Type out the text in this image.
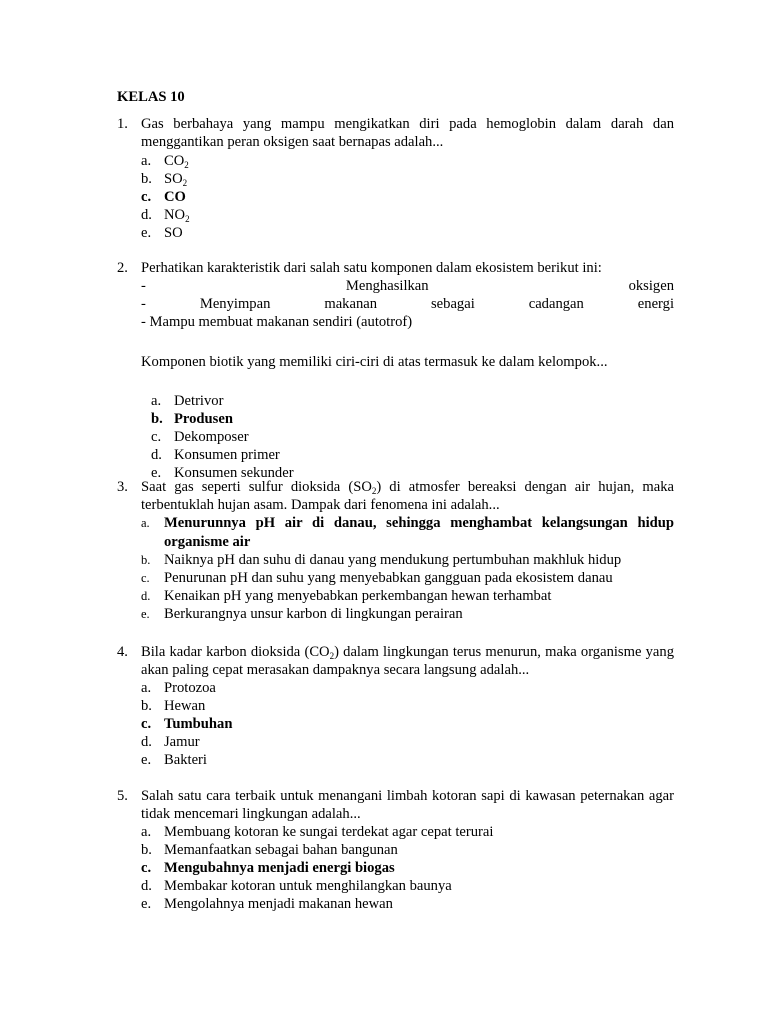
KELAS 10
1. Gas berbahaya yang mampu mengikatkan diri pada hemoglobin dalam darah dan menggantikan peran oksigen saat bernapas adalah...
a. $CO_2$
b. $SO_2$
c. CO
d. $NO_2$
e. SO
2. Perhatikan karakteristik dari salah satu komponen dalam ekosistem berikut ini:
- Menghasilkan oksigen
- Menyimpan makanan sebagai cadangan energi
- Mampu membuat makanan sendiri (autotrof)
Komponen biotik yang memiliki ciri-ciri di atas termasuk ke dalam kelompok...
a. Detrivor
b. Produsen
c. Dekomposer
d. Konsumen primer
e. Konsumen sekunder
3. Saat gas seperti sulfur dioksida $(SO_2)$ di atmosfer bereaksi dengan air hujan, maka terbentuklah hujan asam. Dampak dari fenomena ini adalah...
a. Menurunnya pH air di danau, sehingga menghambat kelangsungan hidup organisme air
b. Naiknya pH dan suhu di danau yang mendukung pertumbuhan makhluk hidup
c. Penurunan pH dan suhu yang menyebabkan gangguan pada ekosistem danau
d. Kenaikan pH yang menyebabkan perkembangan hewan terhambat
e. Berkurangnya unsur karbon di lingkungan perairan
4. Bila kadar karbon dioksida $(CO_2)$ dalam lingkungan terus menurun, maka organisme yang akan paling cepat merasakan dampaknya secara langsung adalah...
a. Protozoa
b. Hewan
c. Tumbuhan
d. Jamur
e. Bakteri
5. Salah satu cara terbaik untuk menangani limbah kotoran sapi di kawasan peternakan agar tidak mencemari lingkungan adalah...
a. Membuang kotoran ke sungai terdekat agar cepat terurai
b. Memanfaatkan sebagai bahan bangunan
c. Mengubahnya menjadi energi biogas
d. Membakar kotoran untuk menghilangkan baunya
e. Mengolahnya menjadi makanan hewan
